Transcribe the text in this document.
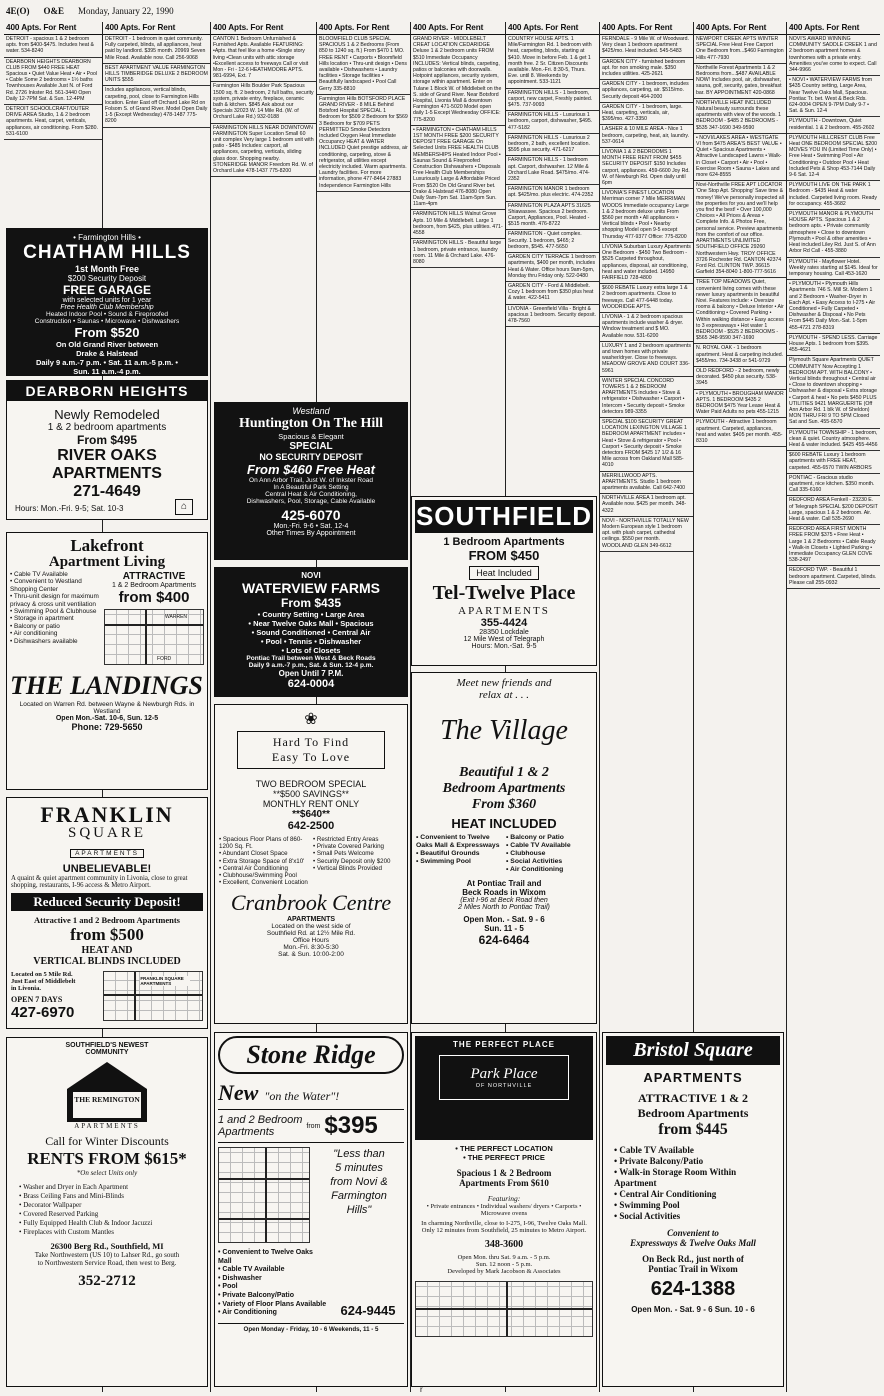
4E(O) O&E Monday, January 22, 1990
400 Apts. For Rent
DETROIT - spacious 1 & 2 bedroom apts. from $400-$475. Includes heat & water. 534-8240
DEARBORN HEIGHTS DEARBORN CLUB FROM $440 FREE HEAT Spacious • Quiet Value Heat • Air • Pool • Cable Some 2 bedrooms • 1½ baths Townhouses Available Just N. of Ford Rd. 2726 Inkster Rd. 561-3440 Open Daily 12-7PM Sat. & Sun. 12-4PM
DETROIT SCHOOLCRAFT/OUTER DRIVE AREA Studio, 1 & 2 bedroom apartments. Heat, carpet, verticals, appliances, air conditioning. From $280. 531-6100
400 Apts. For Rent
DETROIT - 1 bedroom in quiet community. Fully carpeted, blinds, all appliances, heat paid by landlord. $395 month. 20969 Seven Mile Road. Available now. Call 256-9068
BEST APARTMENT VALUE FARMINGTON HILLS TIMBERIDGE DELUXE 2 BEDROOM UNITS $555
Includes appliances, vertical blinds, carpeting, pool, close to Farmington Hills location. Enter East off Orchard Lake Rd on Folsom S. of Grand River. Model Open Daily 1-5 (Except Wednesday) 478-1487 775-8200
400 Apts. For Rent
CANTON 1 Bedroom Unfurnished & Furnished Apts. Available FEATURING: •Apts. that feel like a home •Single story living •Clean units with attic storage •Excellent access to freeways Call or visit Mon - Fri - 12-6 HEATHMOORE APTS. 981-6994, Ext. 7
Farmington Hills Boulder Park Spacious 1500 sq. ft. 2 bedroom, 2 full baths, security system, private entry, fireplace, ceramic bath & kitchen. $845 Ask about our Specials 32023 W. 14 Mile Rd. (W. of Orchard Lake Rd.) 932-0188
FARMINGTON HILLS NEAR DOWNTOWN FARMINGTON Super Location Small 60 unit complex Very large 1 bedroom unit with patio - $485 Includes: carport, all appliances, carpeting, verticals, sliding glass door. Shopping nearby. STONERIDGE MANOR Freedom Rd. W. of Orchard Lake 478-1437 775-8200
400 Apts. For Rent
BLOOMFIELD CLUB SPECIAL SPACIOUS 1 & 2 Bedrooms (From 850 to 1240 sq. ft.) From $470 1 MO. FREE RENT • Carports • Bloomfield Hills location • Thru-unit design • Dens available • Dishwashers • Laundry facilities • Storage facilities • Beautifully landscaped • Pool Call Gerry 335-8810
Farmington Hills BOTSFORD PLACE GRAND RIVER - 8 MILE Behind Botsford Hospital SPECIAL 1 Bedroom for $509 2 Bedroom for $569 3 Bedroom for $709 PETS PERMITTED Smoke Detectors Included Oxygen Heat Immediate Occupancy HEAT & WATER INCLUDED Quiet prestige address, air conditioning, carpeting, stove & refrigerator, all utilities except electricity included. Warm apartments. Laundry facilities. For more information, phone 477-8464 27883 Independence Farmington Hills
400 Apts. For Rent
GRAND RIVER - MIDDLEBELT CREAT LOCATION CEDARIDGE Deluxe 1 & 2 bedroom units FROM $510 Immediate Occupancy INCLUDES: Vertical blinds, carpeting, patios or balconies with doorwalls. Hotpoint appliances, security system, storage within apartment. Enter on Tulane 1 Block W. of Middlebelt on the S. side of Grand River. Near Botsford Hospital, Livonia Mall & downtown Farmington 471-5020 Model open daily 1-5 Except Wednesday OFFICE: 775-8200
• FARMINGTON • CHATHAM HILLS 1ST MONTH FREE $200 SECURITY DEPOSIT FREE GARAGE On Selected Units FREE HEALTH CLUB MEMBERSHIPS Heated Indoor Pool • Saunas Sound & Fireproofed Construction Dishwashers • Disposals Free Health Club Memberships Luxuriously Large & Affordable Priced From $520 On Old Grand River bet. Drake & Halstead 476-8080 Open Daily 9am-7pm Sat. 11am-5pm Sun. 11am-4pm
FARMINGTON HILLS Walnut Grove Apts. 10 Mile & Middlebelt. Large 1 bedroom, from $425, plus utilities. 471-4558
FARMINGTON HILLS - Beautiful large 1 bedroom, private entrance, laundry room. 11 Mile & Orchard Lake. 476-8080
400 Apts. For Rent
COUNTRY HOUSE APTS. 1 Mile/Farmington Rd. 1 bedroom with heat, carpeting, blinds, starting at $410. Move in before Feb. 1 & get 1 month free. 2 Sr. Citizen Discounts available. Mon.-Fri. 8:30-5, Thurs. Eve. until 8. Weekends by appointment. 533-1121
FARMINGTON HILLS - 1 bedroom, carport, new carpet, Freshly painted. $475. 737-9093
FARMINGTON HILLS - Luxurious 1 bedroom, carport, dishwasher, $495. 477-5182
FARMINGTON HILLS - Luxurious 2 bedroom, 2 bath, excellent location. $595 plus security. 471-6217
FARMINGTON HILLS - 1 bedroom apt. Carport, dishwasher. 12 Mile & Orchard Lake Road. $475/mo. 474-2352
FARMINGTON MANOR 1 bedroom apt. $425/mo. plus electric. 474-2352
FARMINGTON PLAZA APTS 31625 Shiawassee. Spacious 2 bedroom. Carport, Appliances, Pool. Heated - $515 month. 476-8722
FARMINGTON - Quiet complex. Security. 1 bedroom, $465; 2 bedroom, $545. 477-5650
GARDEN CITY TERRACE 1 bedroom apartments, $400 per month, includes Heat & Water. Office hours 9am-5pm, Monday thru Friday only. 522-0480
GARDEN CITY - Ford & Middlebelt. Cozy 1 bedroom from $350 plus heat & water. 422-5411
LIVONIA - Greenfield Villa - Bright & spacious 1 bedroom. Security deposit. 478-7560
400 Apts. For Rent
FERNDALE - 9 Mile W. of Woodward. Very clean 1 bedroom apartment $425/mo. Heat included. 545-5483
GARDEN CITY - furnished bedroom apt. for non smoking male. $350 includes utilities. 425-2621
GARDEN CITY - 1 bedroom, includes appliances, carpeting, air. $515/mo. Security deposit 464-2000
GARDEN CITY - 1 bedroom, large. Heat, carpeting, verticals, air, $395/mo. 427-3350
LASHER & 10 MILE AREA - Nice 1 bedroom, carpeting, heat, air, laundry. 537-0614
LIVONIA 1 & 2 BEDROOMS 1 MONTH FREE RENT FROM $455 SECURITY DEPOSIT $150 Includes carport, appliances. 459-6600 Joy Rd. W. of Newburgh Rd. Open daily until 6pm
LIVONIA'S FINEST LOCATION Merriman corner 7 Mile MERRIMAN WOODS Immediate occupancy Large 1 & 2 bedroom deluxe units From $560 per month • All appliances • Vertical blinds • Pool • Nearby shopping Model open 9-5 except Thursday 477-9377 Office: 775-8200
LIVONIA Suburban Luxury Apartments One Bedroom - $450 Two Bedroom - $525 Carpeted throughout, appliances, disposal, air conditioning, heat and water included. 14950 FAIRFIELD 728-4800
$600 REBATE Luxury extra large 1 & 2 bedroom apartments. Close to freeways. Call 477-6448 today. WOODRIDGE APTS.
LIVONIA - 1 & 2 bedroom spacious apartments include washer & dryer. Window treatment and $ MO. Available now. 531-6200
LUXURY 1 and 2 bedroom apartments and town homes with private washer/dryer. Close to freeways. MEADOW GROVE AND COURT 336-5961
WINTER SPECIAL CONCORD TOWERS 1 & 2 BEDROOM APARTMENTS includes • Stove & refrigerator • Dishwasher • Carport • Intercom • Security deposit • Smoke detectors 989-3355
SPECIAL $100 SECURITY GREAT LOCATION LEXINGTON VILLAGE 1 BEDROOM APARTMENT includes • Heat • Stove & refrigerator • Pool • Carport • Security deposit • Smoke detectors FROM $425 17 1/2 & 16 Mile across from Oakland Mall 585-4010
MERRILLWOOD APTS. APARTMENTS. Studio 1 bedroom apartments available. Call 642-7400
NORTHVILLE AREA 1 bedroom apt. Available now. $425 per month. 348-4322
NOVI - NORTHVILLE TOTALLY NEW Modern European style 1 bedroom apt. with plush carpet, cathedral ceilings. $550 per month. WOODLAND GLEN 349-6612
400 Apts. For Rent
NEWPORT CREEK APTS WINTER SPECIAL Free Heat Free Carport One Bedroom from...$460 Farmington Hills 477-7930
Northville Forest Apartments 1 & 2 Bedrooms from...$487 AVAILABLE NOW! Includes pool, air, dishwasher, sauna, golf, security, gates, breakfast bar. BY APPOINTMENT 420-0868
NORTHVILLE HEAT INCLUDED Natural beauty surrounds these apartments with view of the woods. 1 BEDROOM - $485 2 BEDROOMS - $535 347-1690 349-9590
• NOVI/LAKES AREA • WESTGATE VI from $475 AREA'S BEST VALUE • Quiet • Spacious Apartments • Attractive Landscaped Lawns • Walk-in Closet • Carport • Air • Pool • Exercise Room • Sauna • Lakes and more 624-8555
Novi-Northville FREE APT LOCATOR 'One Stop Apt. Shopping' Save time & money! We've personally inspected all the properties for you and we'll help you find the best! • Over 100,000 Choices • All Prices & Areas • Complete Info. & Photos Free, personal service. Preview apartments from the comfort of our office. APARTMENTS UNLIMITED SOUTHFIELD OFFICE 29260 Northwestern Hwy. TROY OFFICE 3726 Rochester Rd. CANTON 42374 Ford Rd. CLINTON TWP. 36615 Garfield 354-8040 1-800-777-5616
TREE TOP MEADOWS Quiet, convenient living comes with these newer luxury apartments in beautiful Novi. Features include: • Oversize rooms & balcony • Deluxe Interior • Air Conditioning • Covered Parking • Within walking distance • Easy access to 3 expressways • Hot water 1 BEDROOM - $525 2 BEDROOMS - $565 348-9590 347-1690
N. ROYAL OAK - 1 bedroom apartment. Heat & carpeting included. $455/mo. 734-3438 or 541-9729
OLD REDFORD - 2 bedroom, newly decorated. $450 plus security. 538-3945
• PLYMOUTH • BROUGHAM MANOR APTS. 1 BEDROOM $435 2 BEDROOM $475 Year Lease Heat & Water Paid Adults no pets 455-1215
PLYMOUTH - Attractive 1 bedroom apartment. Carpeted, appliances, heat and water. $405 per month. 455-8310
400 Apts. For Rent
NOVI'S AWARD WINNING COMMUNITY SADDLE CREEK 1 and 2 bedroom apartment homes & townhomes with a private entry. Amenities you've come to expect. Call 344-9966
• NOVI • WATERVIEW FARMS from $435 Country setting, Large Area, Near Twelve Oaks Mall, Spacious. Pontiac Tr. bet. West & Beck Rds. 624-0004 OPEN 9-7PM Daily 9-7 • Sat. & Sun. 12-4
PLYMOUTH - Downtown, Quiet residential. 1 & 2 bedroom. 455-2602
PLYMOUTH HILLCREST CLUB Free Heat ONE BEDROOM SPECIAL $200 MOVES YOU IN (Limited Time Only) • Free Heat • Swimming Pool • Air Conditioning • Outdoor Pool • Heat Included Pets & Shop 453-7144 Daily 9-6 Sat. 12-4
PLYMOUTH LIVE ON THE PARK 1 Bedroom - $435 Heat & water included. Carpeted living room. Ready for occupancy. 455-3682
PLYMOUTH MANOR & PLYMOUTH HOUSE APTS. Spacious 1 & 2 bedroom apts. • Private community atmosphere • Close to downtown Plymouth • Pool & other amenities • Heat included Liley Rd. Just S. of Ann Arbor Rd Call - 455-3880
PLYMOUTH - Mayflower Hotel. Weekly rates starting at $145. Ideal for temporary housing. Call 453-1620
• PLYMOUTH • Plymouth Hills Apartments 746 S. Mill St. Modern 1 and 2 Bedroom • Washer-Dryer in Each Apt. • Easy Access to I-275 • Air Conditioned • Fully Carpeted • Dishwasher & Disposal • No Pets From $445 Daily Mon.-Sat. 1-5pm 455-4721 278-8319
PLYMOUTH - SPEND LESS. Carriage House Apts. 1 bedroom from $395. 455-4621
Plymouth Square Apartments QUIET COMMUNITY Now Accepting 1 BEDROOM APT. WITH BALCONY • Vertical blinds throughout • Central air • Close to downtown shopping • Dishwasher & disposal • Extra storage • Carport & heat • No pets $450 PLUS UTILITIES 9421 MARGUERITE (Off Ann Arbor Rd. 1 blk W. of Sheldon) MON THRU FRI 9 TO 5PM Closed Sat and Sun. 455-6570
PLYMOUTH TOWNSHIP - 1 bedroom, clean & quiet. Country atmosphere. Heat & water included. $425 455-4456
$600 REBATE Luxury 1 bedroom apartments with FREE HEAT, carpeted. 455-6570 TWIN ARBORS
PONTIAC - Gracious studio apartment, nice kitchen. $350 month. Call 335-6160
REDFORD AREA Fenkell - 23230 E. of Telegraph SPECIAL $200 DEPOSIT Large, spacious 1 & 2 bedroom. Air. Heat & water. Call 535-2690
REDFORD AREA FIRST MONTH FREE FROM $375 • Free Heat • Large 1 & 2 Bedrooms • Cable Ready • Walk-in Closets • Lighted Parking • Immediate Occupancy GLEN COVE 538-2497
REDFORD TWP. - Beautiful 1 bedroom apartment. Carpeted, blinds. Please call 255-0932
• Farmington Hills •
CHATHAM HILLS
1st Month Free
$200 Security Deposit
FREE GARAGE
with selected units for 1 year
Free Health Club Membership
Heated Indoor Pool • Sound & Fireproofed
Construction • Saunas • Microwave • Dishwashers
From $520
On Old Grand River between
Drake & Halstead
Daily 9 a.m.-7 p.m. • Sat. 11 a.m.-5 p.m. •
Sun. 11 a.m.-4 p.m.
DEARBORN HEIGHTS
Newly Remodeled
1 & 2 bedroom apartments
From $495
RIVER OAKS
APARTMENTS
271-4649
Hours: Mon.-Fri. 9-5; Sat. 10-3	⌂
Westland
Huntington On The Hill
Spacious & Elegant
SPECIAL
NO SECURITY DEPOSIT
From $460 Free Heat
On Ann Arbor Trail, Just W. of Inkster Road
In A Beautiful Park Setting
Central Heat & Air Conditioning,
Dishwashers, Pool, Storage, Cable Available
425-6070
Mon.-Fri. 9-6 • Sat. 12-4
Other Times By Appointment
SOUTHFIELD
1 Bedroom Apartments
FROM $450
Heat Included
Tel-Twelve Place
APARTMENTS
355-4424
28350 Lockdale
12 Mile West of Telegraph
Hours: Mon.-Sat. 9-5
Lakefront
Apartment Living
• Cable TV Available
• Convenient to Westland Shopping Center
• Thru-unit design for maximum privacy & cross unit ventilation
• Swimming Pool & Clubhouse
• Storage in apartment
• Balcony or patio
• Air conditioning
• Dishwashers available
ATTRACTIVE
1 & 2 Bedroom Apartments
from $400
WARREN
FORD
THE LANDINGS
Located on Warren Rd. between Wayne & Newburgh Rds. in Westland
Open Mon.-Sat. 10-6, Sun. 12-5
Phone: 729-5650
NOVI
WATERVIEW FARMS
From $435
• Country Setting • Large Area
• Near Twelve Oaks Mall • Spacious
• Sound Conditioned • Central Air
• Pool • Tennis • Dishwasher
• Lots of Closets
Pontiac Trail between West & Beck Roads
Daily 9 a.m.-7 p.m., Sat. & Sun. 12-4 p.m.
Open Until 7 P.M.
624-0004
❀
Hard To Find
Easy To Love
TWO BEDROOM SPECIAL
**$500 SAVINGS**
MONTHLY RENT ONLY
**$640**
642-2500
• Spacious Floor Plans of 860-1200 Sq. Ft.
• Abundant Closet Space
• Extra Storage Space of 8'x10'
• Central Air Conditioning
• Clubhouse/Swimming Pool
• Excellent, Convenient Location
• Restricted Entry Areas
• Private Covered Parking
• Small Pets Welcome
• Security Deposit only $200
• Vertical Blinds Provided
Cranbrook Centre
APARTMENTS
Located on the west side of
Southfield Rd. at 12½ Mile Rd.
Office Hours
Mon.-Fri. 8:30-5:30
Sat. & Sun. 10:00-2:00
Meet new friends and
relax at . . .
The Village
Beautiful 1 & 2
Bedroom Apartments
From $360
HEAT INCLUDED
• Convenient to Twelve Oaks Mall & Expressways
• Beautiful Grounds
• Swimming Pool
• Balcony or Patio
• Cable TV Available
• Clubhouse
• Social Activities
• Air Conditioning
At Pontiac Trail and
Beck Roads in Wixom
(Exit I-96 at Beck Road then
2 Miles North to Pontiac Trail)
Open Mon. - Sat. 9 - 6
Sun. 11 - 5
624-6464
FRANKLIN
SQUARE
APARTMENTS
UNBELIEVABLE!
A quaint & quiet apartment community in Livonia, close to great shopping, restaurants, I-96 access & Metro Airport.
Reduced Security Deposit!
Attractive 1 and 2 Bedroom Apartments
from $500
HEAT AND
VERTICAL BLINDS INCLUDED
Located on 5 Mile Rd.
Just East of Middlebelt
in Livonia.
OPEN 7 DAYS
427-6970
FRANKLIN SQUARE APARTMENTS
SOUTHFIELD'S NEWEST COMMUNITY
THE REMINGTON
APARTMENTS
Call for Winter Discounts
RENTS FROM $615*
*On select Units only
• Washer and Dryer in Each Apartment
• Brass Ceiling Fans and Mini-Blinds
• Decorator Wallpaper
• Covered Reserved Parking
• Fully Equipped Health Club & Indoor Jacuzzi
• Fireplaces with Custom Mantles
26300 Berg Rd., Southfield, MI
Take Northwestern (US 10) to Lahser Rd., go south
to Northwestern Service Road, then west to Berg.
352-2712
Stone Ridge
New "on the Water"!
1 and 2 Bedroom
Apartments	from $395
"Less than
5 minutes
from Novi &
Farmington
Hills"
• Convenient to Twelve Oaks Mall
• Cable TV Available
• Dishwasher
• Pool
• Private Balcony/Patio
• Variety of Floor Plans Available
• Air Conditioning	624-9445
Open Monday - Friday, 10 - 6 Weekends, 11 - 5
THE PERFECT PLACE
Park Place
OF NORTHVILLE
• THE PERFECT LOCATION
• THE PERFECT PRICE
Spacious 1 & 2 Bedroom
Apartments From $610
Featuring:
• Private entrances • Individual washers/ dryers • Carports • Microwave ovens
In charming Northville, close to I-275, I-96, Twelve Oaks Mall. Only 12 minutes from Southfield, 25 minutes to Metro Airport.
348-3600
Open Mon. thru Sat. 9 a.m. - 5 p.m.
Sun. 12 noon - 5 p.m.
Developed by Mark Jacobson & Associates
Bristol Square
APARTMENTS
ATTRACTIVE 1 & 2
Bedroom Apartments
from $445
• Cable TV Available
• Private Balcony/Patio
• Walk-in Storage Room Within Apartment
• Central Air Conditioning
• Swimming Pool
• Social Activities
Convenient to
Expressways & Twelve Oaks Mall
On Beck Rd., just north of
Pontiac Trail in Wixom
624-1388
Open Mon. - Sat. 9 - 6 Sun. 10 - 6
r
